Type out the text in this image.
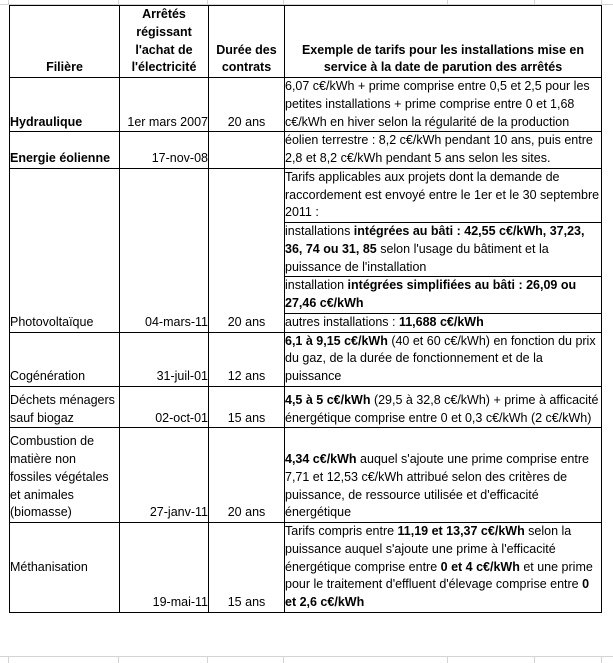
Filière	Arrêtés régissant l'achat de l'électricité	Durée des contrats	Exemple de tarifs pour les installations mise en service à la date de parution des arrêtés
Hydraulique	1er mars 2007	20 ans	6,07 c€/kWh + prime comprise entre 0,5 et 2,5 pour les petites installations + prime comprise entre 0 et 1,68 c€/kWh en hiver selon la régularité de la production
Energie éolienne	17-nov-08		éolien terrestre : 8,2 c€/kWh pendant 10 ans, puis entre 2,8 et 8,2 c€/kWh pendant 5 ans selon les sites.
Photovoltaïque	04-mars-11	20 ans	Tarifs applicables aux projets dont la demande de raccordement est envoyé entre le 1er et le 30 septembre 2011 :
			installations intégrées au bâti : 42,55 c€/kWh, 37,23, 36, 74 ou 31, 85 selon l'usage du bâtiment et la puissance de l'installation
			installation intégrées simplifiées au bâti : 26,09 ou 27,46 c€/kWh
			autres installations : 11,688 c€/kWh
Cogénération	31-juil-01	12 ans	6,1 à 9,15 c€/kWh (40 et 60 c€/kWh) en fonction du prix du gaz, de la durée de fonctionnement et de la puissance
Déchets ménagers sauf biogaz	02-oct-01	15 ans	4,5 à 5 c€/kWh (29,5 à 32,8 c€/kWh) + prime à afficacité énergétique comprise entre 0 et 0,3 c€/kWh (2 c€/kWh)
Combustion de matière non fossiles végétales et animales (biomasse)	27-janv-11	20 ans	4,34 c€/kWh auquel s'ajoute une prime comprise entre 7,71 et 12,53 c€/kWh attribué selon des critères de puissance, de ressource utilisée et d'efficacité énergétique
Méthanisation	19-mai-11	15 ans	Tarifs compris entre 11,19 et 13,37 c€/kWh selon la puissance auquel s'ajoute une prime à l'efficacité énergétique comprise entre 0 et 4 c€/kWh et une prime pour le traitement d'effluent d'élevage comprise entre 0 et 2,6 c€/kWh
